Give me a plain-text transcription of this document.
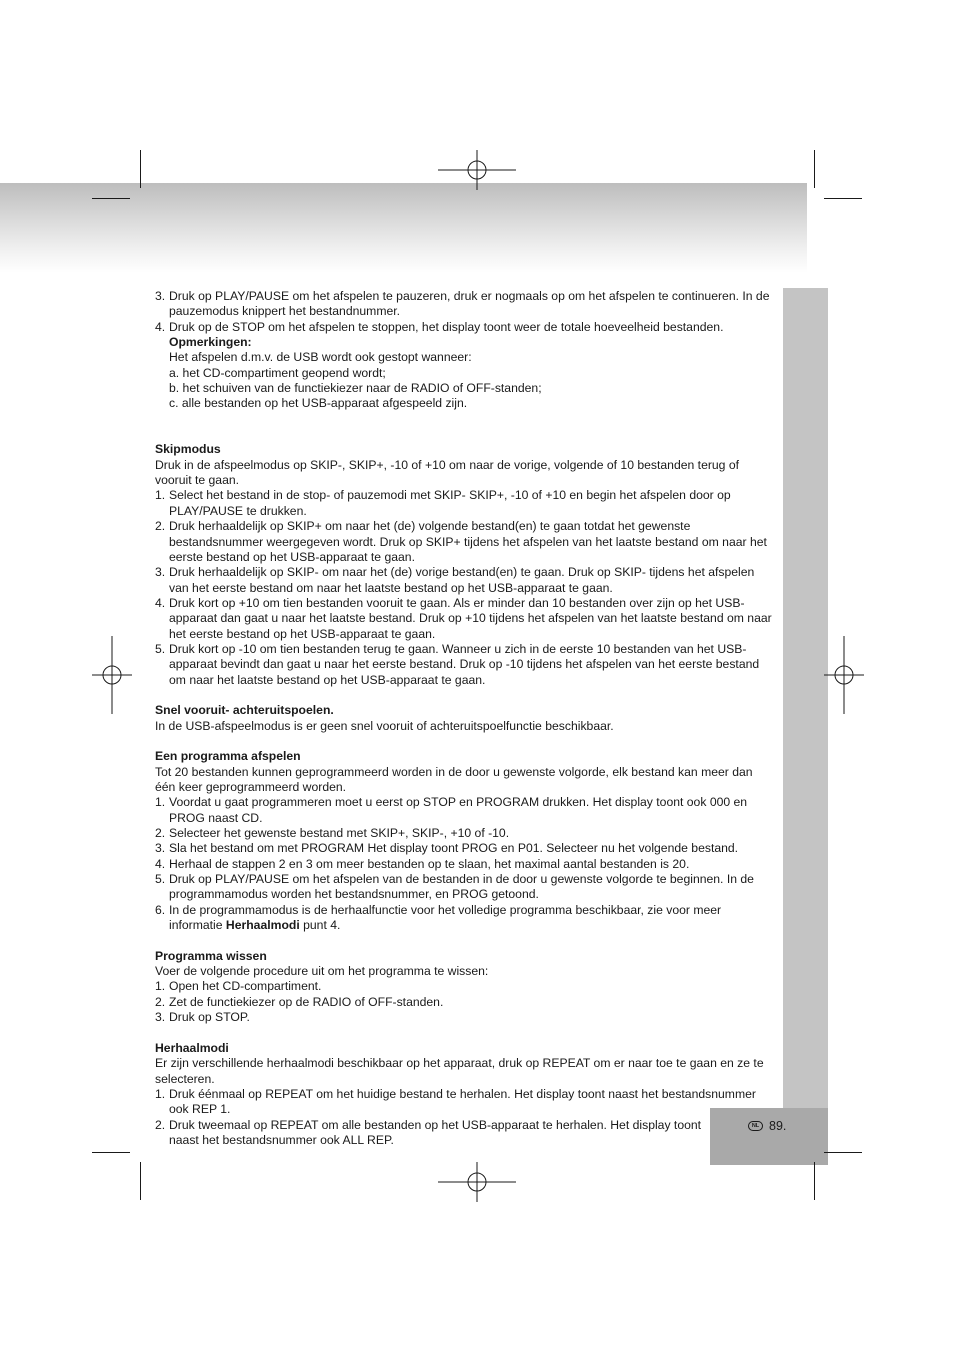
NL 89.

3. Druk op PLAY/PAUSE om het afspelen te pauzeren, druk er nogmaals op om het afspelen te continueren. In de pauzemodus knippert het bestandnummer.

4. Druk op de STOP om het afspelen te stoppen, het display toont weer de totale hoeveelheid bestanden.

Opmerkingen:

Het afspelen d.m.v. de USB wordt ook gestopt wanneer:

a. het CD-compartiment geopend wordt;

b. het schuiven van de functiekiezer naar de RADIO of OFF-standen;

c. alle bestanden op het USB-apparaat afgespeeld zijn.

Skipmodus

Druk in de afspeelmodus op SKIP-, SKIP+, -10 of +10 om naar de vorige, volgende of 10 bestanden terug of vooruit te gaan.

1. Select het bestand in de stop- of pauzemodi met SKIP- SKIP+, -10 of +10 en begin het afspelen door op PLAY/PAUSE te drukken.

2. Druk herhaaldelijk op SKIP+ om naar het (de) volgende bestand(en) te gaan totdat het gewenste bestandsnummer weergegeven wordt. Druk op SKIP+ tijdens het afspelen van het laatste bestand om naar het eerste bestand op het USB-apparaat te gaan.

3. Druk herhaaldelijk op SKIP- om naar het (de) vorige bestand(en) te gaan. Druk op SKIP- tijdens het afspelen van het eerste bestand om naar het laatste bestand op het USB-apparaat te gaan.

4. Druk kort op +10 om tien bestanden vooruit te gaan. Als er minder dan 10 bestanden over zijn op het USB-apparaat dan gaat u naar het laatste bestand. Druk op +10 tijdens het afspelen van het laatste bestand om naar het eerste bestand op het USB-apparaat te gaan.

5. Druk kort op -10 om tien bestanden terug te gaan. Wanneer u zich in de eerste 10 bestanden van het USB-apparaat bevindt dan gaat u naar het eerste bestand. Druk op -10 tijdens het afspelen van het eerste bestand om naar het laatste bestand op het USB-apparaat te gaan.

Snel vooruit- achteruitspoelen.

In de USB-afspeelmodus is er geen snel vooruit of achteruitspoelfunctie beschikbaar.

Een programma afspelen

Tot 20 bestanden kunnen geprogrammeerd worden in de door u gewenste volgorde, elk bestand kan meer dan één keer geprogrammeerd worden.

1. Voordat u gaat programmeren moet u eerst op STOP en PROGRAM drukken. Het display toont ook 000 en PROG naast CD.

2. Selecteer het gewenste bestand met SKIP+, SKIP-, +10 of -10.

3. Sla het bestand om met PROGRAM Het display toont PROG en P01. Selecteer nu het volgende bestand.

4. Herhaal de stappen 2 en 3 om meer bestanden op te slaan, het maximal aantal bestanden is 20.

5. Druk op PLAY/PAUSE om het afspelen van de bestanden in de door u gewenste volgorde te beginnen. In de programmamodus worden het bestandsnummer, en PROG getoond.

6. In de programmamodus is de herhaalfunctie voor het volledige programma beschikbaar, zie voor meer informatie Herhaalmodi punt 4.

Programma wissen

Voer de volgende procedure uit om het programma te wissen:

1. Open het CD-compartiment.

2. Zet de functiekiezer op de RADIO of OFF-standen.

3. Druk op STOP.

Herhaalmodi

Er zijn verschillende herhaalmodi beschikbaar op het apparaat, druk op REPEAT om er naar toe te gaan en ze te selecteren.

1. Druk éénmaal op REPEAT om het huidige bestand te herhalen. Het display toont naast het bestandsnummer ook REP 1.

2. Druk tweemaal op REPEAT om alle bestanden op het USB-apparaat te herhalen. Het display toont naast het bestandsnummer ook ALL REP.
